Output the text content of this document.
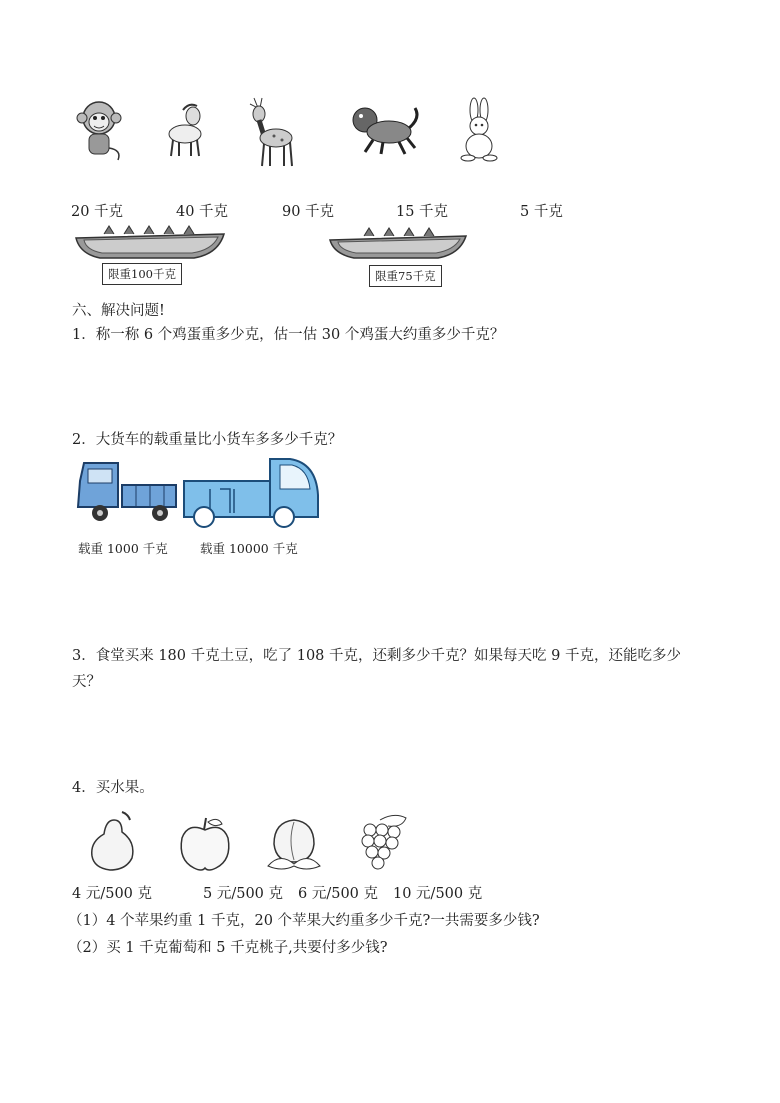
20 千克	40 千克	90 千克	15 千克	5 千克
限重100千克	限重75千克
六、解决问题!
1．称一称 6 个鸡蛋重多少克，估一估 30 个鸡蛋大约重多少千克？
2．大货车的载重量比小货车多多少千克？
载重 1000 千克	载重 10000 千克
3．食堂买来 180 千克土豆，吃了 108 千克，还剩多少千克？如果每天吃 9 千克，还能吃多少
天？
4．买水果。
4 元/500 克	5 元/500 克 6 元/500 克 10 元/500 克
（1）4 个苹果约重 1 千克，20 个苹果大约重多少千克?一共需要多少钱?
（2）买 1 千克葡萄和 5 千克桃子,共要付多少钱?
